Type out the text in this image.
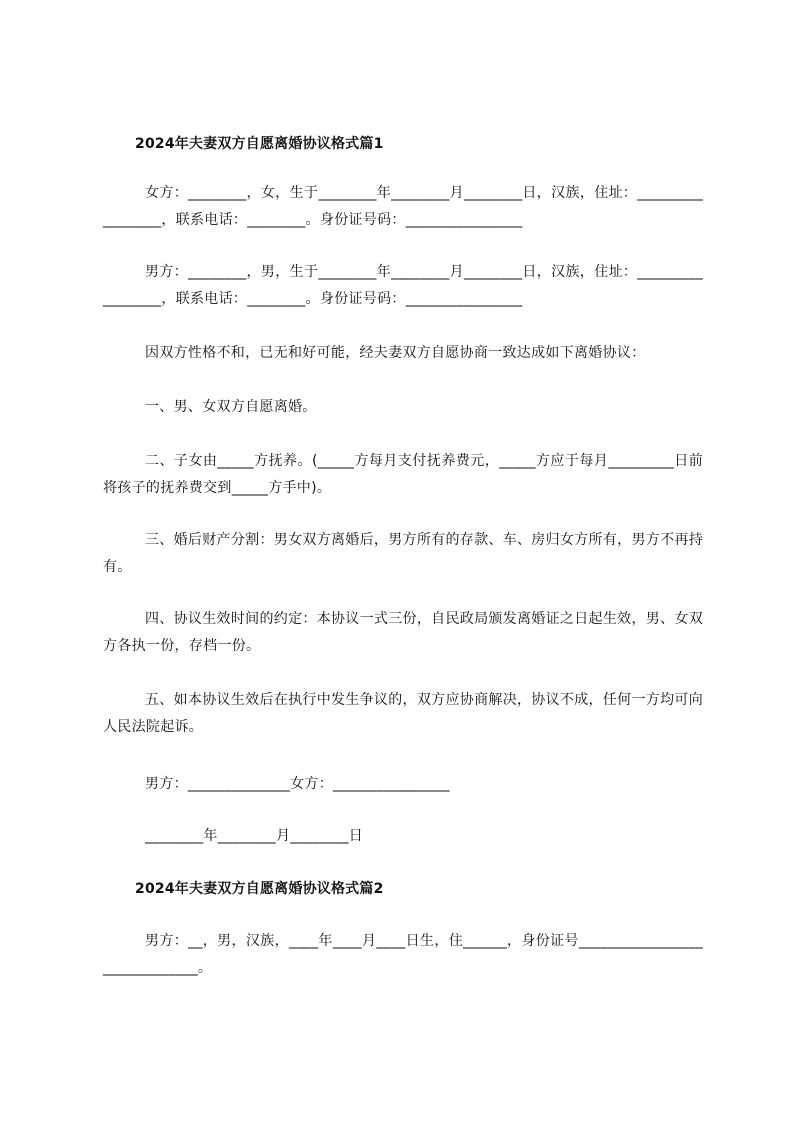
2024年夫妻双方自愿离婚协议格式篇1
女方：________，女，生于________年________月________日，汉族，住址：_________________，联系电话：________。身份证号码：________________
男方：________，男，生于________年________月________日，汉族，住址：_________________，联系电话：________。身份证号码：________________
因双方性格不和，已无和好可能，经夫妻双方自愿协商一致达成如下离婚协议：
一、男、女双方自愿离婚。
二、子女由_____方抚养。(_____方每月支付抚养费元，_____方应于每月_________日前将孩子的抚养费交到_____方手中)。
三、婚后财产分割：男女双方离婚后，男方所有的存款、车、房归女方所有，男方不再持有。
四、协议生效时间的约定：本协议一式三份，自民政局颁发离婚证之日起生效，男、女双方各执一份，存档一份。
五、如本协议生效后在执行中发生争议的，双方应协商解决，协议不成，任何一方均可向人民法院起诉。
男方：______________女方：________________
________年________月________日
2024年夫妻双方自愿离婚协议格式篇2
男方：__，男，汉族，____年____月____日生，住______，身份证号______________________________。
